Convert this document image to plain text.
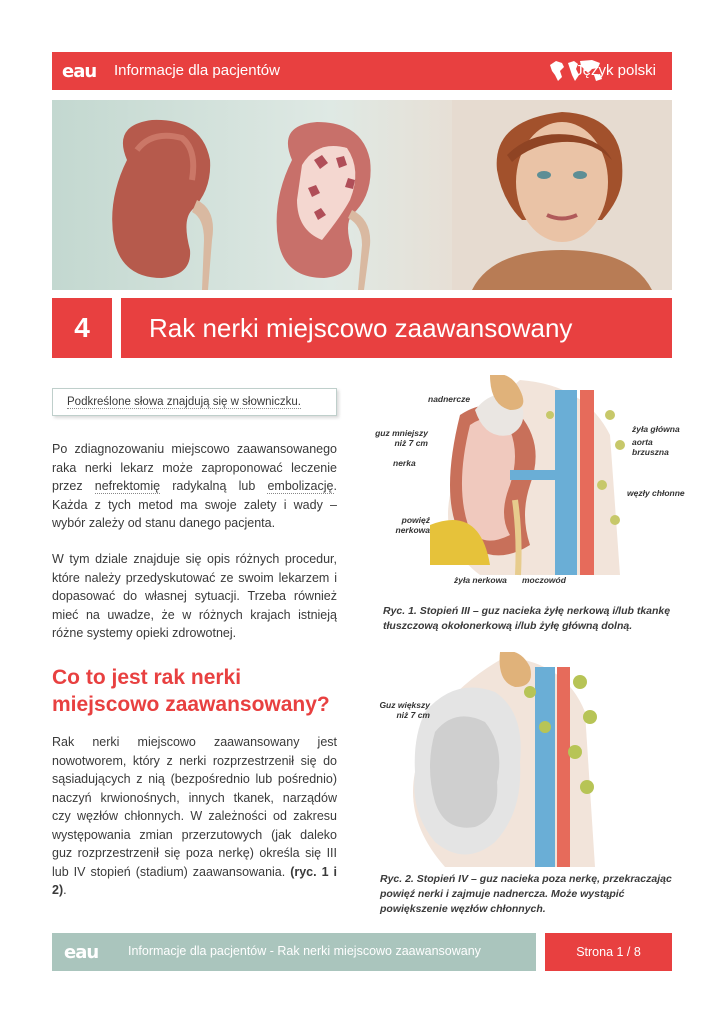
eau Informacje dla pacjentów	Język polski
4	Rak nerki miejscowo zaawansowany
Podkreślone słowa znajdują się w słowniczku.

Po zdiagnozowaniu miejscowo zaawansowanego raka nerki lekarz może zaproponować leczenie przez nefrektomię radykalną lub embolizację. Każda z tych metod ma swoje zalety i wady – wybór zależy od stanu danego pacjenta.

W tym dziale znajduje się opis różnych procedur, które należy przedyskutować ze swoim lekarzem i dopasować do własnej sytuacji. Trzeba również mieć na uwadze, że w różnych krajach istnieją różne systemy opieki zdrowotnej.

Co to jest rak nerki miejscowo zaawansowany?

Rak nerki miejscowo zaawansowany jest nowotworem, który z nerki rozprzestrzenił się do sąsiadujących z nią (bezpośrednio lub pośrednio) naczyń krwionośnych, innych tkanek, narządów czy węzłów chłonnych. W zależności od zakresu występowania zmian przerzutowych (jak daleko guz rozprzestrzenił się poza nerkę) określa się III lub IV stopień (stadium) zaawansowania. (ryc. 1 i 2).

nadnercze
guz mniejszy niż 7 cm
nerka
powięź nerkowa
żyła główna
aorta brzuszna
węzły chłonne
żyła nerkowa moczowód
Ryc. 1. Stopień III – guz nacieka żyłę nerkową i/lub tkankę tłuszczową okołonerkową i/lub żyłę główną dolną.
Guz większy niż 7 cm
Ryc. 2. Stopień IV – guz nacieka poza nerkę, przekraczając powięź nerki i zajmuje nadnercza. Może wystąpić powiększenie węzłów chłonnych.
eau Informacje dla pacjentów - Rak nerki miejscowo zaawansowany	Strona 1 / 8
